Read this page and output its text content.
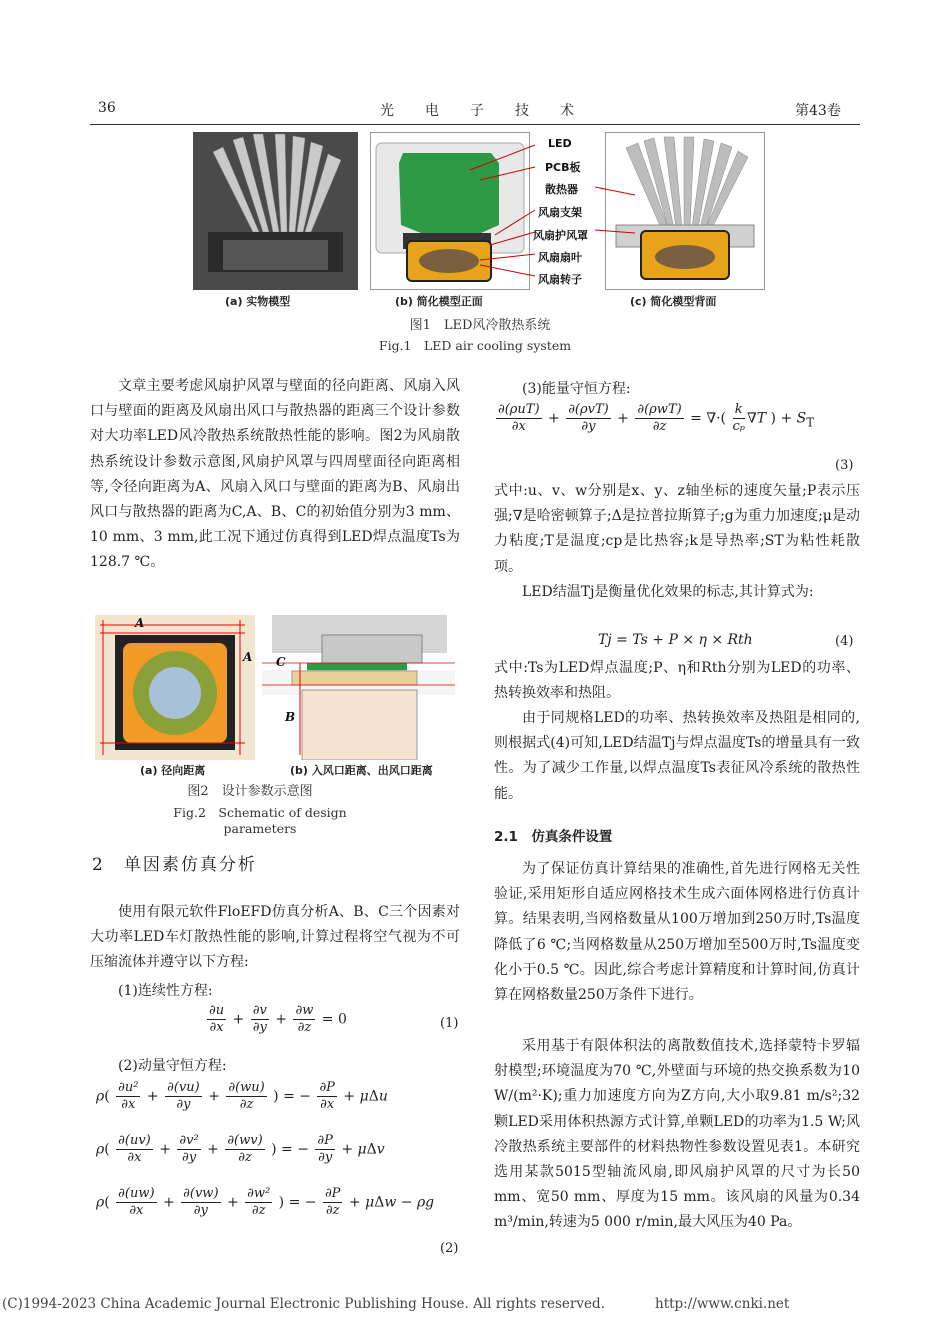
36	光　　电　　子　　技　　术	第43卷
LED
PCB板
散热器
风扇支架
风扇护风罩
风扇扇叶
风扇转子
(a) 实物模型	(b) 简化模型正面	(c) 简化模型背面
图1　LED风冷散热系统
Fig.1　LED air cooling system

文章主要考虑风扇护风罩与壁面的径向距离、风扇入风口与壁面的距离及风扇出风口与散热器的距离三个设计参数对大功率LED风冷散热系统散热性能的影响。图2为风扇散热系统设计参数示意图,风扇护风罩与四周壁面径向距离相等,令径向距离为A、风扇入风口与壁面的距离为B、风扇出风口与散热器的距离为C,A、B、C的初始值分别为3 mm、10 mm、3 mm,此工况下通过仿真得到LED焊点温度Ts为128.7 ℃。

A
A C
B
(a) 径向距离	(b) 入风口距离、出风口距离
图2　设计参数示意图
Fig.2　Schematic of design parameters
2　单因素仿真分析

使用有限元软件FloEFD仿真分析A、B、C三个因素对大功率LED车灯散热性能的影响,计算过程将空气视为不可压缩流体并遵守以下方程:

(1)连续性方程:
$\frac{\partial u}{\partial x} + \frac{\partial v}{\partial y} + \frac{\partial w}{\partial z} = 0$	(1)
(2)动量守恒方程:
$\rho( \frac{\text{∂u²}}{\partial x} + \frac{\partial(vu)}{\partial y} + \frac{\partial(wu)}{\partial z}$ ) = − $\frac{\partial P}{\partial x} + \mu\Delta u$
$\rho( \frac{\partial(uv)}{\partial x} + \frac{\text{∂v²}}{\partial y} + \frac{\partial(wv)}{\partial z}$ ) = − $\frac{\partial P}{\partial y} + \mu\Delta v$
$\rho( \frac{\partial(uw)}{\partial x} + \frac{\partial(vw)}{\partial y} + \frac{\text{∂w²}}{\partial z}$ ) = − $\frac{\partial P}{\partial z} + \mu\Delta w - \rho g$
(2)
(3)能量守恒方程:
$\frac{\text{∂(ρuT)}}{\partial x} + \frac{\text{∂(ρvT)}}{\partial y} + \frac{\text{∂(ρwT)}}{\partial z}$ = ∇·( $\frac{k}{\text{cₚ}} \nabla T$ ) + $S_T$
(3)

式中:u、v、w分别是x、y、z轴坐标的速度矢量;P表示压强;∇是哈密顿算子;Δ是拉普拉斯算子;g为重力加速度;μ是动力粘度;T是温度;cp是比热容;k是导热率;ST为粘性耗散项。

LED结温Tj是衡量优化效果的标志,其计算式为:

Tj = Ts + P × η × Rth	(4)

式中:Ts为LED焊点温度;P、η和Rth分别为LED的功率、热转换效率和热阻。

由于同规格LED的功率、热转换效率及热阻是相同的,则根据式(4)可知,LED结温Tj与焊点温度Ts的增量具有一致性。为了减少工作量,以焊点温度Ts表征风冷系统的散热性能。

2.1　仿真条件设置

为了保证仿真计算结果的准确性,首先进行网格无关性验证,采用矩形自适应网格技术生成六面体网格进行仿真计算。结果表明,当网格数量从100万增加到250万时,Ts温度降低了6 ℃;当网格数量从250万增加至500万时,Ts温度变化小于0.5 ℃。因此,综合考虑计算精度和计算时间,仿真计算在网格数量250万条件下进行。

采用基于有限体积法的离散数值技术,选择蒙特卡罗辐射模型;环境温度为70 ℃,外壁面与环境的热交换系数为10 W/(m²·K);重力加速度方向为Z方向,大小取9.81 m/s²;32颗LED采用体积热源方式计算,单颗LED的功率为1.5 W;风冷散热系统主要部件的材料热物性参数设置见表1。本研究选用某款5015型轴流风扇,即风扇护风罩的尺寸为长50 mm、宽50 mm、厚度为15 mm。该风扇的风量为0.34 m³/min,转速为5 000 r/min,最大风压为40 Pa。

(C)1994-2023 China Academic Journal Electronic Publishing House. All rights reserved.	http://www.cnki.net
